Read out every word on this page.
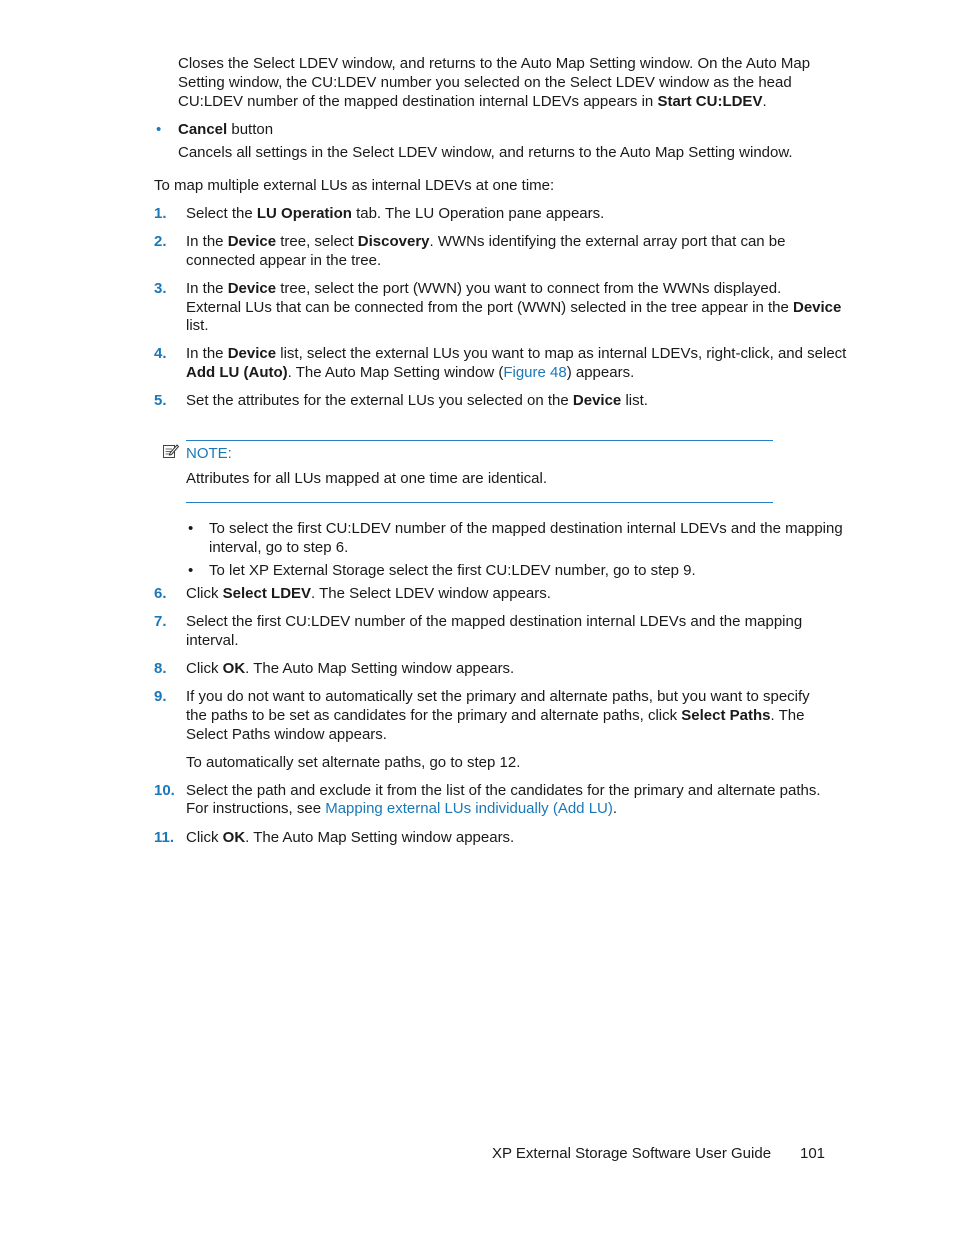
Closes the Select LDEV window, and returns to the Auto Map Setting window. On the Auto Map
Setting window, the CU:LDEV number you selected on the Select LDEV window as the head
CU:LDEV number of the mapped destination internal LDEVs appears in Start CU:LDEV.
• Cancel button
Cancels all settings in the Select LDEV window, and returns to the Auto Map Setting window.
To map multiple external LUs as internal LDEVs at one time:
1. Select the LU Operation tab. The LU Operation pane appears.
2. In the Device tree, select Discovery. WWNs identifying the external array port that can be
connected appear in the tree.
3. In the Device tree, select the port (WWN) you want to connect from the WWNs displayed.
External LUs that can be connected from the port (WWN) selected in the tree appear in the Device
list.
4. In the Device list, select the external LUs you want to map as internal LDEVs, right-click, and select
Add LU (Auto). The Auto Map Setting window (Figure 48) appears.
5. Set the attributes for the external LUs you selected on the Device list.
NOTE:
Attributes for all LUs mapped at one time are identical.
• To select the first CU:LDEV number of the mapped destination internal LDEVs and the mapping
interval, go to step 6.
• To let XP External Storage select the first CU:LDEV number, go to step 9.
6. Click Select LDEV. The Select LDEV window appears.
7. Select the first CU:LDEV number of the mapped destination internal LDEVs and the mapping
interval.
8. Click OK. The Auto Map Setting window appears.
9. If you do not want to automatically set the primary and alternate paths, but you want to specify
the paths to be set as candidates for the primary and alternate paths, click Select Paths. The
Select Paths window appears.
To automatically set alternate paths, go to step 12.
10. Select the path and exclude it from the list of the candidates for the primary and alternate paths.
For instructions, see Mapping external LUs individually (Add LU).
11. Click OK. The Auto Map Setting window appears.
XP External Storage Software User Guide 101
